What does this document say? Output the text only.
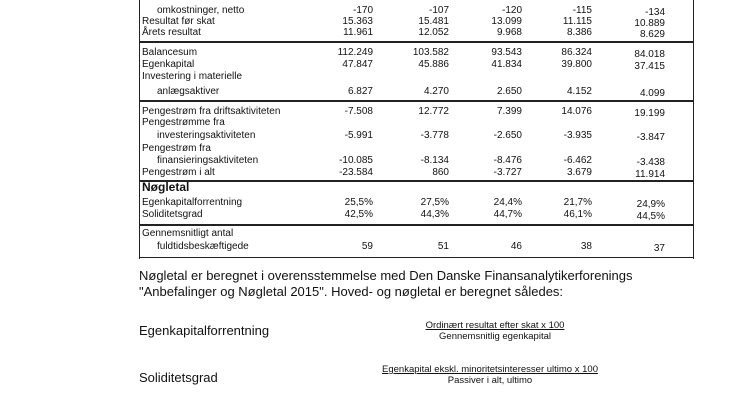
omkostninger, netto	-170	-107	-120	-115	-134
Resultat før skat	15.363	15.481	13.099	11.115	10.889
Årets resultat	11.961	12.052	9.968	8.386	8.629
Balancesum	112.249	103.582	93.543	86.324	84.018
Egenkapital	47.847	45.886	41.834	39.800	37.415
Investering i materielle
anlægsaktiver	6.827	4.270	2.650	4.152	4.099
Pengestrøm fra driftsaktiviteten	-7.508	12.772	7.399	14.076	19.199
Pengestrømme fra
investeringsaktiviteten	-5.991	-3.778	-2.650	-3.935	-3.847
Pengestrøm fra
finansieringsaktiviteten	-10.085	-8.134	-8.476	-6.462	-3.438
Pengestrøm i alt	-23.584	860	-3.727	3.679	11.914
Nøgletal
Egenkapitalforrentning	25,5%	27,5%	24,4%	21,7%	24,9%
Soliditetsgrad	42,5%	44,3%	44,7%	46,1%	44,5%
Gennemsnitligt antal
fuldtidsbeskæftigede	59	51	46	38	37
Nøgletal er beregnet i overensstemmelse med Den Danske Finansanalytikerforenings
"Anbefalinger og Nøgletal 2015". Hoved- og nøgletal er beregnet således:
Egenkapitalforrentning	Ordinært resultat efter skat x 100
Gennemsnitlig egenkapital
Soliditetsgrad
Egenkapital ekskl. minoritetsinteresser ultimo x 100
Passiver i alt, ultimo
